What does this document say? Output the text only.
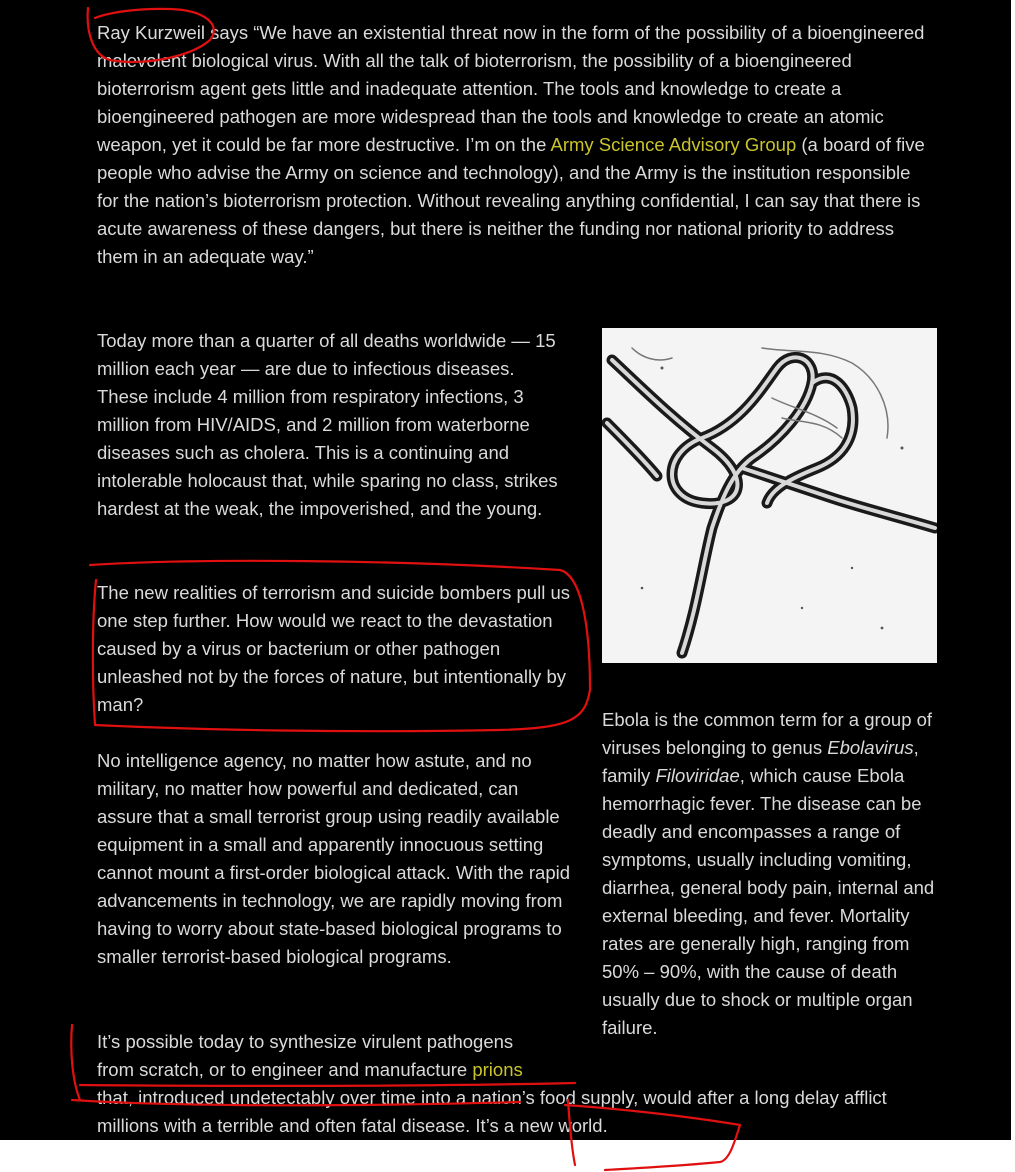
Ray Kurzweil says “We have an existential threat now in the form of the possibility of a bioengineered malevolent biological virus. With all the talk of bioterrorism, the possibility of a bioengineered bioterrorism agent gets little and inadequate attention. The tools and knowledge to create a bioengineered pathogen are more widespread than the tools and knowledge to create an atomic weapon, yet it could be far more destructive. I’m on the Army Science Advisory Group (a board of five people who advise the Army on science and technology), and the Army is the institution responsible for the nation’s bioterrorism protection. Without revealing anything confidential, I can say that there is acute awareness of these dangers, but there is neither the funding nor national priority to address them in an adequate way.”

Today more than a quarter of all deaths worldwide — 15 million each year — are due to infectious diseases. These include 4 million from respiratory infections, 3 million from HIV/AIDS, and 2 million from waterborne diseases such as cholera. This is a continuing and intolerable holocaust that, while sparing no class, strikes hardest at the weak, the impoverished, and the young.

The new realities of terrorism and suicide bombers pull us one step further. How would we react to the devastation caused by a virus or bacterium or other pathogen unleashed not by the forces of nature, but intentionally by man?

No intelligence agency, no matter how astute, and no military, no matter how powerful and dedicated, can assure that a small terrorist group using readily available equipment in a small and apparently innocuous setting cannot mount a first-order biological attack. With the rapid advancements in technology, we are rapidly moving from having to worry about state-based biological programs to smaller terrorist-based biological programs.

It’s possible today to synthesize virulent pathogens
from scratch, or to engineer and manufacture prions
that, introduced undetectably over time into a nation’s food supply, would after a long delay afflict millions with a terrible and often fatal disease. It’s a new world.

Ebola is the common term for a group of viruses belonging to genus Ebolavirus, family Filoviridae, which cause Ebola hemorrhagic fever. The disease can be deadly and encompasses a range of symptoms, usually including vomiting, diarrhea, general body pain, internal and external bleeding, and fever. Mortality rates are generally high, ranging from 50% – 90%, with the cause of death usually due to shock or multiple organ failure.
